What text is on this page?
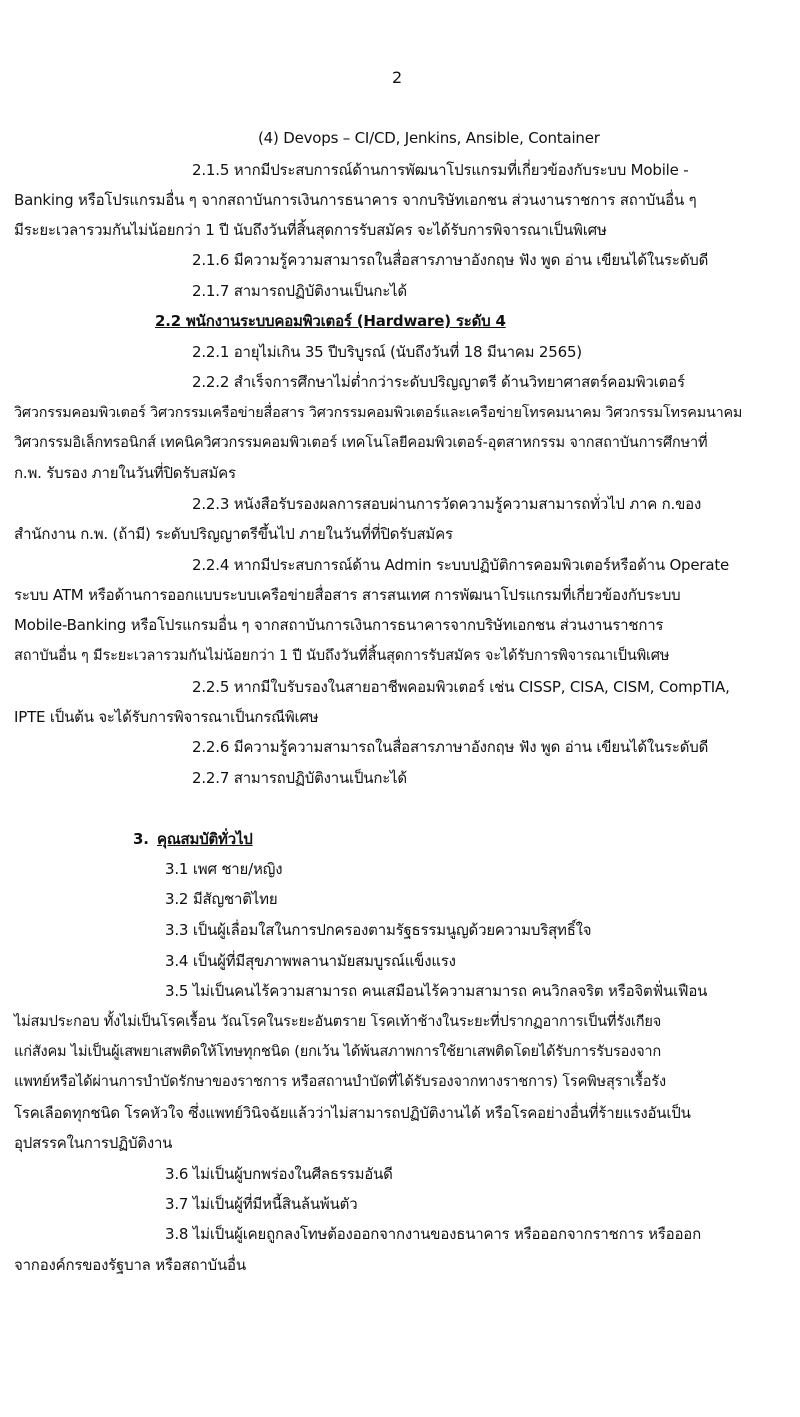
2

(4) Devops – CI/CD, Jenkins, Ansible, Container

2.1.5 หากมีประสบการณ์ด้านการพัฒนาโปรแกรมที่เกี่ยวข้องกับระบบ Mobile -

Banking หรือโปรแกรมอื่น ๆ จากสถาบันการเงินการธนาคาร จากบริษัทเอกชน ส่วนงานราชการ สถาบันอื่น ๆ

มีระยะเวลารวมกันไม่น้อยกว่า 1 ปี นับถึงวันที่สิ้นสุดการรับสมัคร จะได้รับการพิจารณาเป็นพิเศษ

2.1.6 มีความรู้ความสามารถในสื่อสารภาษาอังกฤษ ฟัง พูด อ่าน เขียนได้ในระดับดี

2.1.7 สามารถปฏิบัติงานเป็นกะได้

2.2 พนักงานระบบคอมพิวเตอร์ (Hardware) ระดับ 4

2.2.1 อายุไม่เกิน 35 ปีบริบูรณ์ (นับถึงวันที่ 18 มีนาคม 2565)

2.2.2 สำเร็จการศึกษาไม่ต่ำกว่าระดับปริญญาตรี ด้านวิทยาศาสตร์คอมพิวเตอร์

วิศวกรรมคอมพิวเตอร์ วิศวกรรมเครือข่ายสื่อสาร วิศวกรรมคอมพิวเตอร์และเครือข่ายโทรคมนาคม วิศวกรรมโทรคมนาคม

วิศวกรรมอิเล็กทรอนิกส์ เทคนิควิศวกรรมคอมพิวเตอร์ เทคโนโลยีคอมพิวเตอร์-อุตสาหกรรม จากสถาบันการศึกษาที่

ก.พ. รับรอง ภายในวันที่ปิดรับสมัคร

2.2.3 หนังสือรับรองผลการสอบผ่านการวัดความรู้ความสามารถทั่วไป ภาค ก.ของ

สำนักงาน ก.พ. (ถ้ามี) ระดับปริญญาตรีขึ้นไป ภายในวันที่ที่ปิดรับสมัคร

2.2.4 หากมีประสบการณ์ด้าน Admin ระบบปฏิบัติการคอมพิวเตอร์หรือด้าน Operate

ระบบ ATM หรือด้านการออกแบบระบบเครือข่ายสื่อสาร สารสนเทศ การพัฒนาโปรแกรมที่เกี่ยวข้องกับระบบ

Mobile-Banking หรือโปรแกรมอื่น ๆ จากสถาบันการเงินการธนาคารจากบริษัทเอกชน ส่วนงานราชการ

สถาบันอื่น ๆ มีระยะเวลารวมกันไม่น้อยกว่า 1 ปี นับถึงวันที่สิ้นสุดการรับสมัคร จะได้รับการพิจารณาเป็นพิเศษ

2.2.5 หากมีใบรับรองในสายอาชีพคอมพิวเตอร์ เช่น CISSP, CISA, CISM, CompTIA,

IPTE เป็นต้น จะได้รับการพิจารณาเป็นกรณีพิเศษ

2.2.6 มีความรู้ความสามารถในสื่อสารภาษาอังกฤษ ฟัง พูด อ่าน เขียนได้ในระดับดี

2.2.7 สามารถปฏิบัติงานเป็นกะได้

3. คุณสมบัติทั่วไป

3.1 เพศ ชาย/หญิง

3.2 มีสัญชาติไทย

3.3 เป็นผู้เลื่อมใสในการปกครองตามรัฐธรรมนูญด้วยความบริสุทธิ์ใจ

3.4 เป็นผู้ที่มีสุขภาพพลานามัยสมบูรณ์แข็งแรง

3.5 ไม่เป็นคนไร้ความสามารถ คนเสมือนไร้ความสามารถ คนวิกลจริต หรือจิตฟั่นเฟือน

ไม่สมประกอบ ทั้งไม่เป็นโรคเรื้อน วัณโรคในระยะอันตราย โรคเท้าช้างในระยะที่ปรากฏอาการเป็นที่รังเกียจ

แก่สังคม ไม่เป็นผู้เสพยาเสพติดให้โทษทุกชนิด (ยกเว้น ได้พ้นสภาพการใช้ยาเสพติดโดยได้รับการรับรองจาก

แพทย์หรือได้ผ่านการบำบัดรักษาของราชการ หรือสถานบำบัดที่ได้รับรองจากทางราชการ) โรคพิษสุราเรื้อรัง

โรคเลือดทุกชนิด โรคหัวใจ ซึ่งแพทย์วินิจฉัยแล้วว่าไม่สามารถปฏิบัติงานได้ หรือโรคอย่างอื่นที่ร้ายแรงอันเป็น

อุปสรรคในการปฏิบัติงาน

3.6 ไม่เป็นผู้บกพร่องในศีลธรรมอันดี

3.7 ไม่เป็นผู้ที่มีหนี้สินล้นพ้นตัว

3.8 ไม่เป็นผู้เคยถูกลงโทษต้องออกจากงานของธนาคาร หรือออกจากราชการ หรือออก

จากองค์กรของรัฐบาล หรือสถาบันอื่น
